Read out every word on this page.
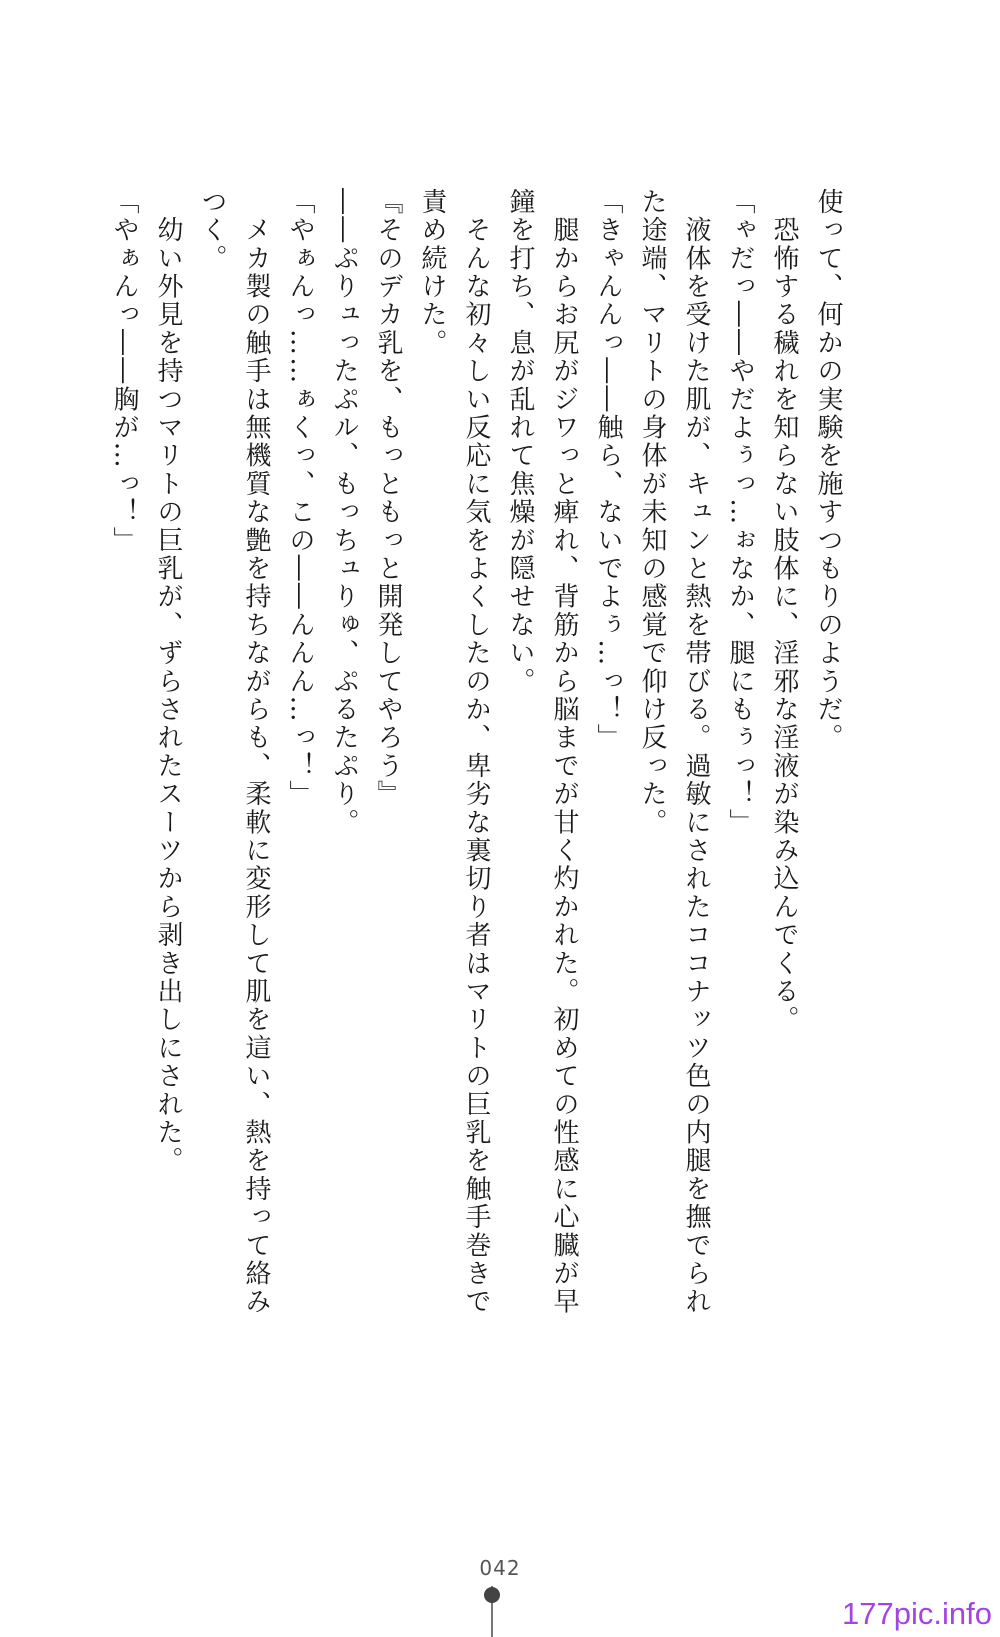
使って、何かの実験を施すつもりのようだ。
　恐怖する穢れを知らない肢体に、淫邪な淫液が染み込んでくる。
「ゃだっ――やだよぅっ…ぉなか、腿にもぅっ！」
　液体を受けた肌が、キュンと熱を帯びる。過敏にされたココナッツ色の内腿を撫でられ
た途端、マリトの身体が未知の感覚で仰け反った。
「きゃんんっ――触ら、ないでよぅ…っ！」
　腿からお尻がジワっと痺れ、背筋から脳までが甘く灼かれた。初めての性感に心臓が早
鐘を打ち、息が乱れて焦燥が隠せない。
　そんな初々しい反応に気をよくしたのか、卑劣な裏切り者はマリトの巨乳を触手巻きで
責め続けた。
『そのデカ乳を、もっともっと開発してやろう』
――ぷりュったぷル、もっちュりゅ、ぷるたぷり。
「やぁんっ……ぁくっ、この――んんん…っ！」
　メカ製の触手は無機質な艶を持ちながらも、柔軟に変形して肌を這い、熱を持って絡み
つく。
　幼い外見を持つマリトの巨乳が、ずらされたスーツから剥き出しにされた。
「やぁんっ――胸が…っ！」
042
177pic.info
